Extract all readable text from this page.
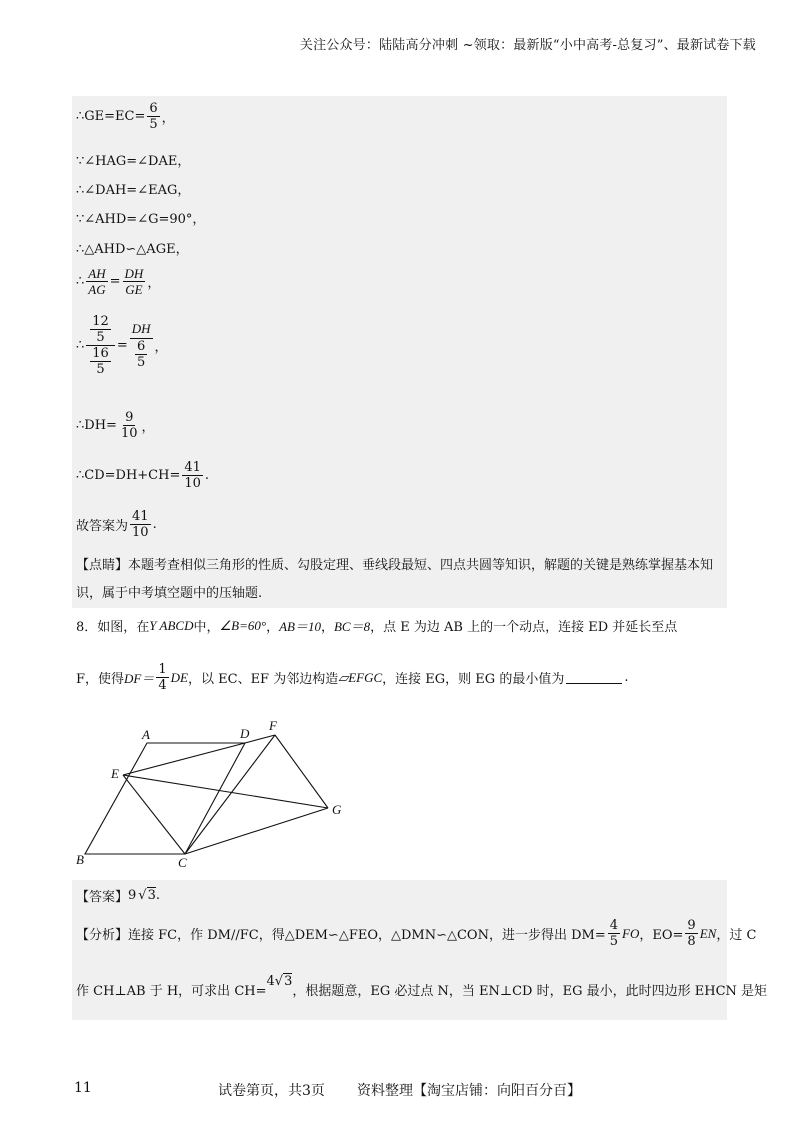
关注公众号：陆陆高分冲刺 ~领取：最新版“小中高考-总复习”、最新试卷下载
∴GE=EC= $\frac{6}{5}$ ，
∵∠HAG=∠DAE，
∴∠DAH=∠EAG，
∵∠AHD=∠G=90°，
∴△AHD∽△AGE，
∴ $\frac{AH}{AG} = \frac{DH}{GE}$ ，
∴ $\frac{\frac{12}{5}}{\frac{16}{5}} = \frac{DH}{\frac{6}{5}}$ ，
∴DH= $\frac{9}{10}$ ，
∴CD=DH+CH= $\frac{41}{10}$ .
故答案为 $\frac{41}{10}$ .
【点睛】本题考查相似三角形的性质、勾股定理、垂线段最短、四点共圆等知识，解题的关键是熟练掌握基本知识，属于中考填空题中的压轴题.
8．如图，在 Y ABCD 中， ∠B=60° ， AB＝10 ， BC＝8 ，点 E 为边 AB 上的一个动点，连接 ED 并延长至点
F，使得 $DF= \frac{1}{4}$ DE ，以 EC、EF 为邻边构造 ▱EFGC ，连接 EG，则 EG 的最小值为	.
A	D
F
E
G
B	C
【答案】 9 √3 .
【分析】 连接 FC，作 DM//FC，得△DEM∽△FEO，△DMN∽△CON，进一步得出 $DM= \frac{4}{5}$ FO ，$EO= \frac{9}{8}$ EN ，过 C
作 CH⊥AB 于 H，可求出 CH=
4√3
，根据题意，EG 必过点 N，当 EN⊥CD 时，EG 最小，此时四边形 EHCN 是矩
11	试卷第页，共3页 资料整理【淘宝店铺：向阳百分百】
